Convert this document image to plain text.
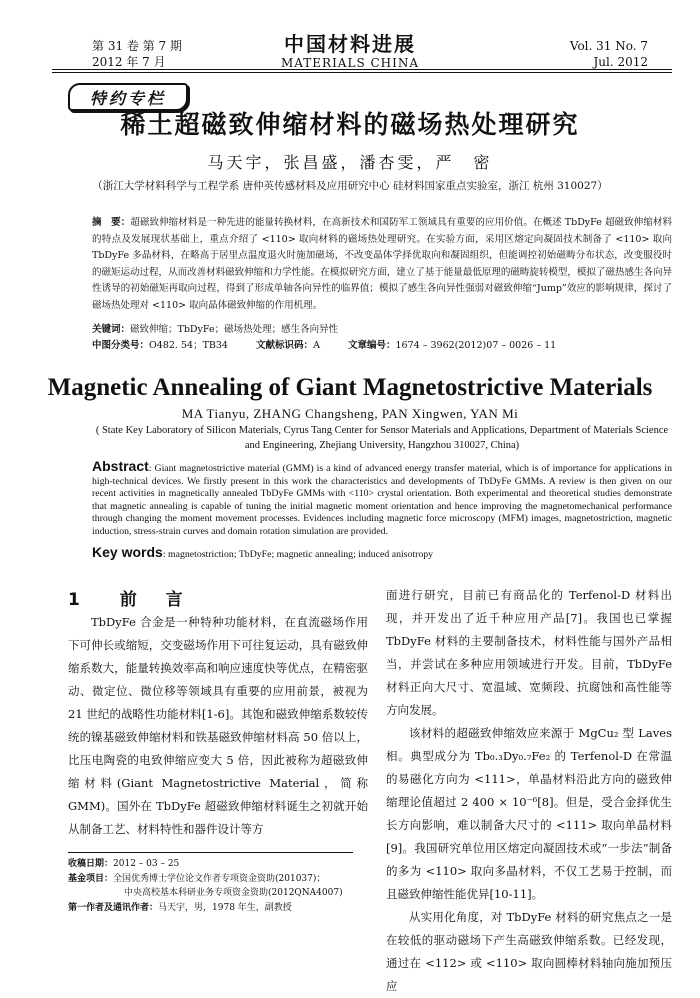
第 31 卷 第 7 期
2012 年 7 月
中国材料进展
MATERIALS CHINA
Vol. 31 No. 7
Jul. 2012
特约专栏
稀土超磁致伸缩材料的磁场热处理研究
马天宇，张昌盛，潘杏雯，严　密
（浙江大学材料科学与工程学系 唐仲英传感材料及应用研究中心 硅材料国家重点实验室，浙江 杭州 310027）
摘　要：超磁致伸缩材料是一种先进的能量转换材料，在高新技术和国防军工领域具有重要的应用价值。在概述 TbDyFe 超磁致伸缩材料的特点及发展现状基础上，重点介绍了 <110> 取向材料的磁场热处理研究。在实验方面，采用区熔定向凝固技术制备了 <110> 取向 TbDyFe 多晶材料，在略高于居里点温度退火时施加磁场，不改变晶体学择优取向和凝固组织，但能调控初始磁畴分布状态，改变服役时的磁矩运动过程，从而改善材料磁致伸缩和力学性能。在模拟研究方面，建立了基于能量最低原理的磁畴旋转模型，模拟了磁热感生各向异性诱导的初始磁矩再取向过程，得到了形成单轴各向异性的临界值；模拟了感生各向异性强弱对磁致伸缩“Jump”效应的影响规律，探讨了磁场热处理对 <110> 取向晶体磁致伸缩的作用机理。
关键词：磁致伸缩；TbDyFe；磁场热处理；感生各向异性
中图分类号：O482. 54；TB34	文献标识码：A	文章编号：1674 – 3962(2012)07 – 0026 – 11
Magnetic Annealing of Giant Magnetostrictive Materials
MA Tianyu, ZHANG Changsheng, PAN Xingwen, YAN Mi
( State Key Laboratory of Silicon Materials, Cyrus Tang Center for Sensor Materials and Applications, Department of Materials Science and Engineering, Zhejiang University, Hangzhou 310027, China)
Abstract: Giant magnetostrictive material (GMM) is a kind of advanced energy transfer material, which is of importance for applications in high-technical devices. We firstly present in this work the characteristics and developments of TbDyFe GMMs. A review is then given on our recent activities in magnetically annealed TbDyFe GMMs with <110> crystal orientation. Both experimental and theoretical studies demonstrate that magnetic annealing is capable of tuning the initial magnetic moment orientation and hence improving the magnetomechanical performance through changing the moment movement processes. Evidences including magnetic force microscopy (MFM) images, magnetostriction, magnetic induction, stress-strain curves and domain rotation simulation are provided.
Key words: magnetostriction; TbDyFe; magnetic annealing; induced anisotropy
1 前　言

TbDyFe 合金是一种特种功能材料，在直流磁场作用下可伸长或缩短，交变磁场作用下可往复运动，具有磁致伸缩系数大，能量转换效率高和响应速度快等优点，在精密驱动、微定位、微位移等领域具有重要的应用前景，被视为 21 世纪的战略性功能材料[1-6]。其饱和磁致伸缩系数较传统的镍基磁致伸缩材料和铁基磁致伸缩材料高 50 倍以上，比压电陶瓷的电致伸缩应变大 5 倍，因此被称为超磁致伸缩材料(Giant Magnetostrictive Material，简称 GMM)。国外在 TbDyFe 超磁致伸缩材料诞生之初就开始从制备工艺、材料特性和器件设计等方

面进行研究，目前已有商品化的 Terfenol-D 材料出现，并开发出了近千种应用产品[7]。我国也已掌握 TbDyFe 材料的主要制备技术，材料性能与国外产品相当，并尝试在多种应用领域进行开发。目前，TbDyFe 材料正向大尺寸、宽温域、宽频段、抗腐蚀和高性能等方向发展。

该材料的超磁致伸缩效应来源于 MgCu₂ 型 Laves 相。典型成分为 Tb₀.₃Dy₀.₇Fe₂ 的 Terfenol-D 在常温的易磁化方向为 <111>，单晶材料沿此方向的磁致伸缩理论值超过 2 400 × 10⁻⁶[8]。但是，受合金择优生长方向影响，难以制备大尺寸的 <111> 取向单晶材料[9]。我国研究单位用区熔定向凝固技术或“一步法”制备的多为 <110> 取向多晶材料，不仅工艺易于控制，而且磁致伸缩性能优异[10-11]。

从实用化角度，对 TbDyFe 材料的研究焦点之一是在较低的驱动磁场下产生高磁致伸缩系数。已经发现，通过在 <112> 或 <110> 取向圆棒材料轴向施加预压应

收稿日期：2012 – 03 – 25
基金项目：全国优秀博士学位论文作者专项资金资助(201037)；
中央高校基本科研业务专项资金资助(2012QNA4007)
第一作者及通讯作者：马天宇，男，1978 年生，副教授
